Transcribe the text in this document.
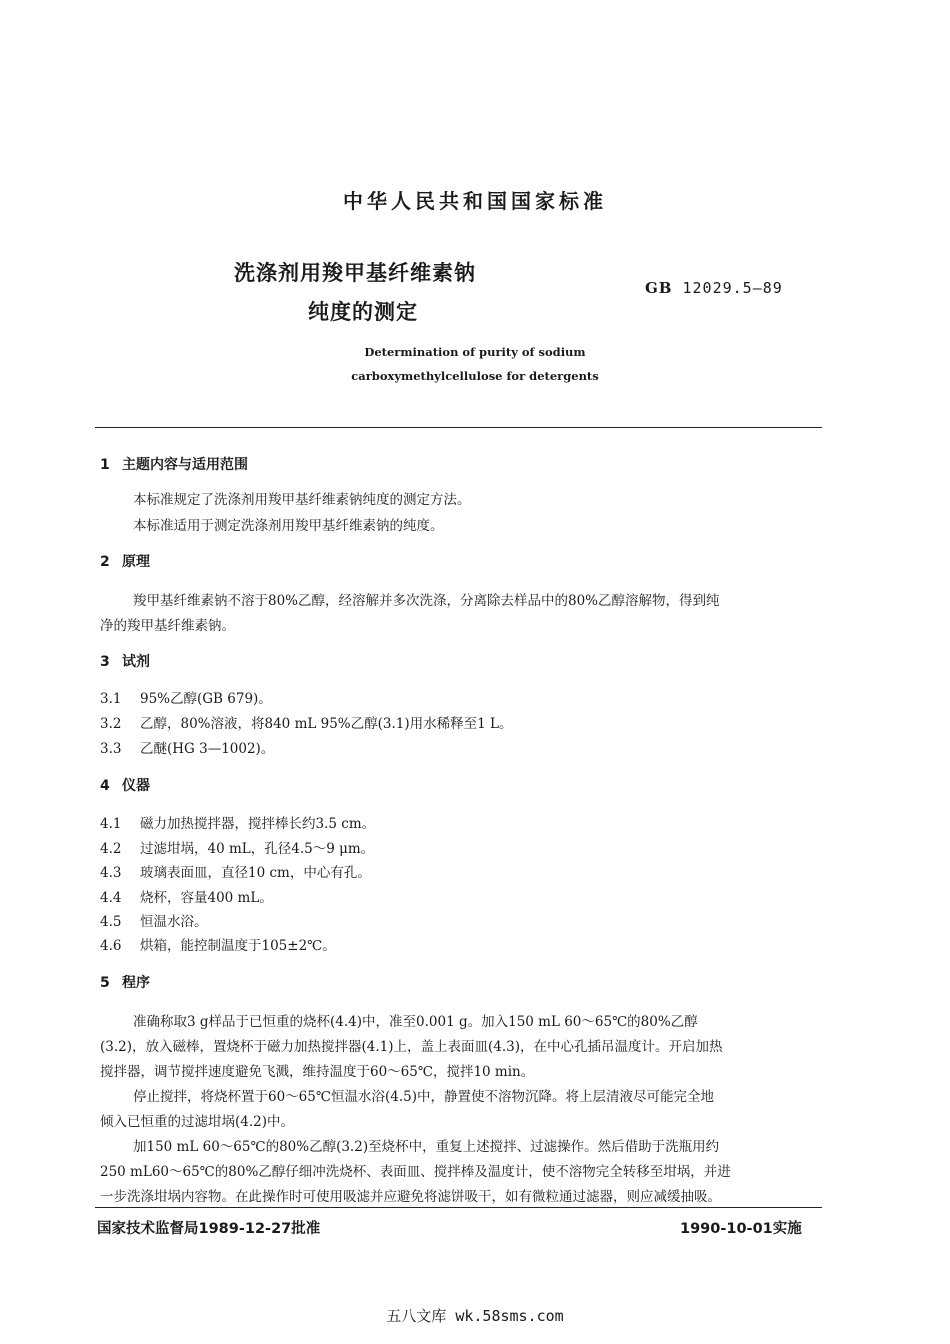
中华人民共和国国家标准
洗涤剂用羧甲基纤维素钠
纯度的测定
GB 12029.5—89
Determination of purity of sodium
carboxymethylcellulose for detergents
1 主题内容与适用范围
本标准规定了洗涤剂用羧甲基纤维素钠纯度的测定方法。
本标准适用于测定洗涤剂用羧甲基纤维素钠的纯度。
2 原理
羧甲基纤维素钠不溶于80%乙醇，经溶解并多次洗涤，分离除去样品中的80%乙醇溶解物，得到纯
净的羧甲基纤维素钠。
3 试剂
3.1 95%乙醇(GB 679)。
3.2 乙醇，80%溶液，将840 mL 95%乙醇(3.1)用水稀释至1 L。
3.3 乙醚(HG 3—1002)。
4 仪器
4.1 磁力加热搅拌器，搅拌棒长约3.5 cm。
4.2 过滤坩埚，40 mL，孔径4.5～9 μm。
4.3 玻璃表面皿，直径10 cm，中心有孔。
4.4 烧杯，容量400 mL。
4.5 恒温水浴。
4.6 烘箱，能控制温度于105±2℃。
5 程序
准确称取3 g样品于已恒重的烧杯(4.4)中，准至0.001 g。加入150 mL 60～65℃的80%乙醇
(3.2)，放入磁棒，置烧杯于磁力加热搅拌器(4.1)上，盖上表面皿(4.3)，在中心孔插吊温度计。开启加热
搅拌器，调节搅拌速度避免飞溅，维持温度于60～65℃，搅拌10 min。
停止搅拌，将烧杯置于60～65℃恒温水浴(4.5)中，静置使不溶物沉降。将上层清液尽可能完全地
倾入已恒重的过滤坩埚(4.2)中。
加150 mL 60～65℃的80%乙醇(3.2)至烧杯中，重复上述搅拌、过滤操作。然后借助于洗瓶用约
250 mL60～65℃的80%乙醇仔细冲洗烧杯、表面皿、搅拌棒及温度计，使不溶物完全转移至坩埚，并进
一步洗涤坩埚内容物。在此操作时可使用吸滤并应避免将滤饼吸干，如有微粒通过滤器，则应减缓抽吸。
国家技术监督局1989-12-27批准	1990-10-01实施
五八文库 wk.58sms.com
